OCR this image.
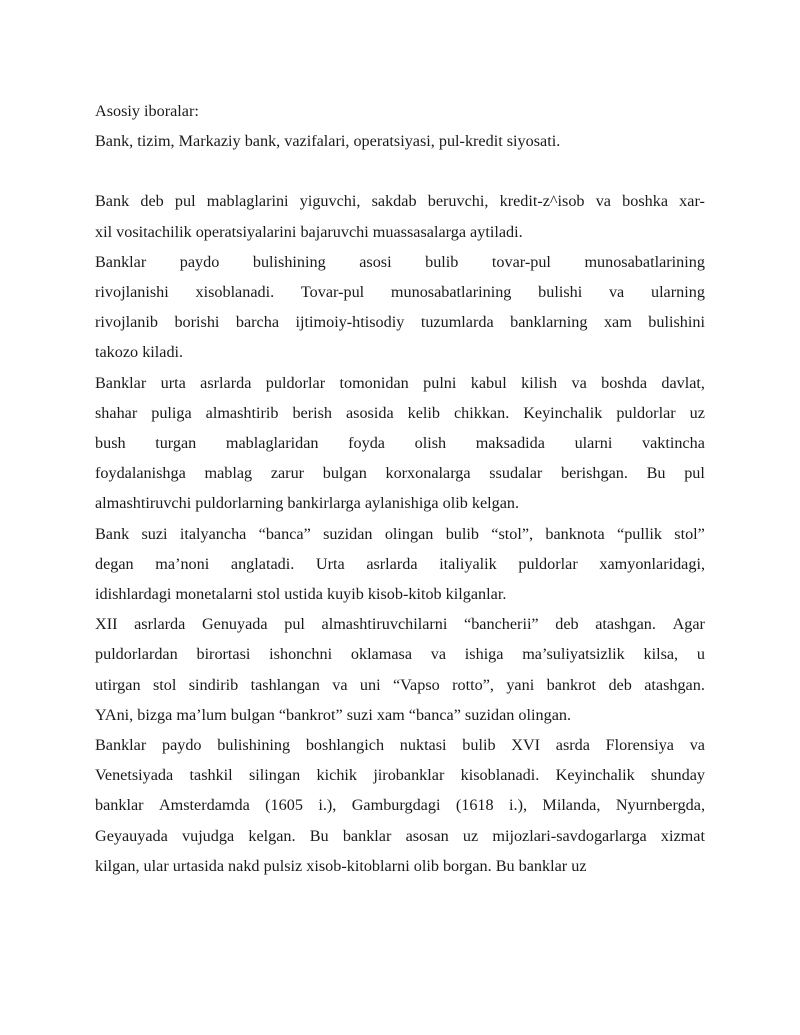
Asosiy iboralar:

Bank, tizim, Markaziy bank, vazifalari, operatsiyasi, pul-kredit siyosati.

Bank deb pul mablaglarini yiguvchi, sakdab beruvchi, kredit-z^isob va boshka xar-
xil vositachilik operatsiyalarini bajaruvchi muassasalarga aytiladi.
Banklar paydo bulishining asosi bulib tovar-pul munosabatlarining
rivojlanishi xisoblanadi. Tovar-pul munosabatlarining bulishi va ularning
rivojlanib borishi barcha ijtimoiy-htisodiy tuzumlarda banklarning xam bulishini
takozo kiladi.
Banklar urta asrlarda puldorlar tomonidan pulni kabul kilish va boshda davlat,
shahar puliga almashtirib berish asosida kelib chikkan. Keyinchalik puldorlar uz
bush turgan mablaglaridan foyda olish maksadida ularni vaktincha
foydalanishga mablag zarur bulgan korxonalarga ssudalar berishgan. Bu pul
almashtiruvchi puldorlarning bankirlarga aylanishiga olib kelgan.
Bank suzi italyancha “banca” suzidan olingan bulib “stol”, banknota “pullik stol”
degan ma’noni anglatadi. Urta asrlarda italiyalik puldorlar xamyonlaridagi,
idishlardagi monetalarni stol ustida kuyib kisob-kitob kilganlar.
XII asrlarda Genuyada pul almashtiruvchilarni “bancherii” deb atashgan. Agar
puldorlardan birortasi ishonchni oklamasa va ishiga ma’suliyatsizlik kilsa, u
utirgan stol sindirib tashlangan va uni “Vapso rotto”, yani bankrot deb atashgan.
YAni, bizga ma’lum bulgan “bankrot” suzi xam “banca” suzidan olingan.
Banklar paydo bulishining boshlangich nuktasi bulib XVI asrda Florensiya va
Venetsiyada tashkil silingan kichik jirobanklar kisoblanadi. Keyinchalik shunday
banklar Amsterdamda (1605 i.), Gamburgdagi (1618 i.), Milanda, Nyurnbergda,
Geyauyada vujudga kelgan. Bu banklar asosan uz mijozlari-savdogarlarga xizmat
kilgan, ular urtasida nakd pulsiz xisob-kitoblarni olib borgan. Bu banklar uz
